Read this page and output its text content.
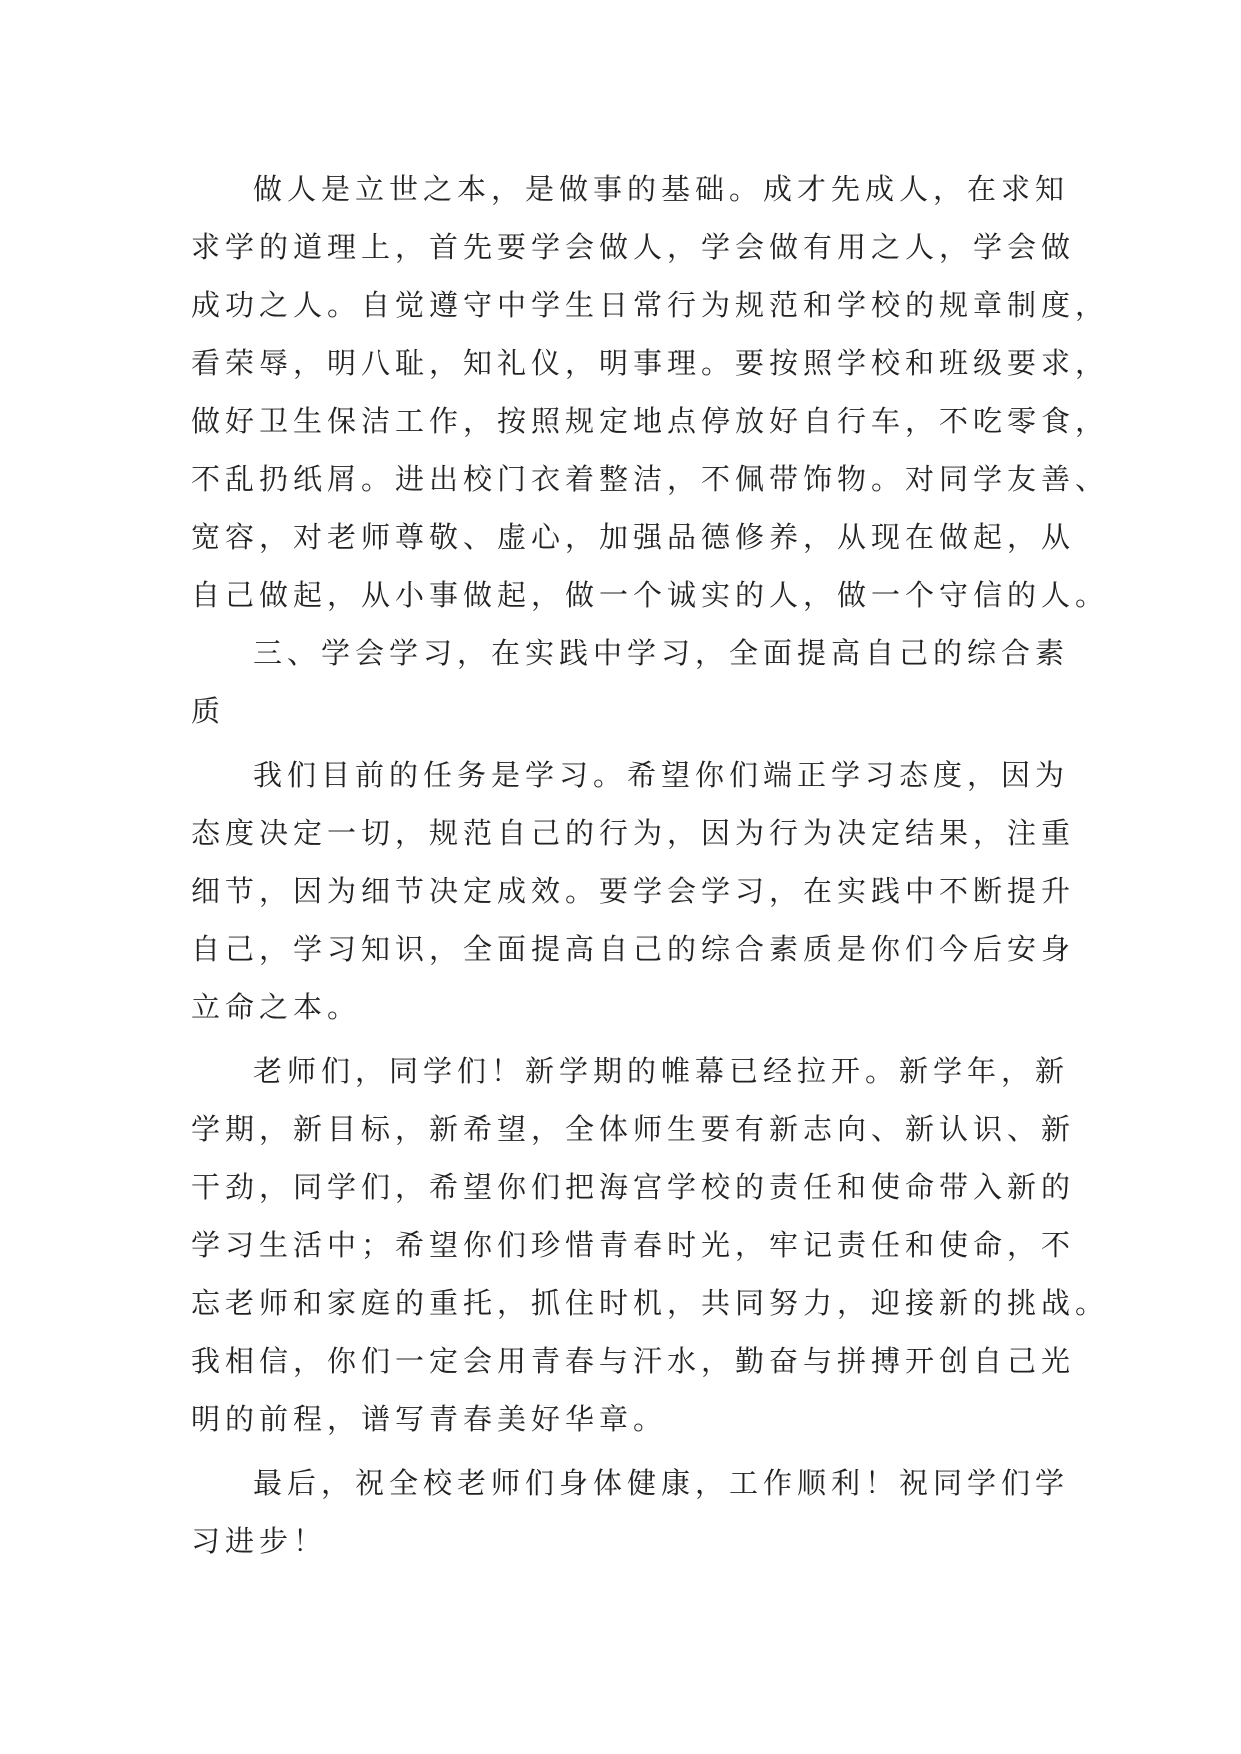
做人是立世之本，是做事的基础。成才先成人，在求知
求学的道理上，首先要学会做人，学会做有用之人，学会做
成功之人。自觉遵守中学生日常行为规范和学校的规章制度，
看荣辱，明八耻，知礼仪，明事理。要按照学校和班级要求，
做好卫生保洁工作，按照规定地点停放好自行车，不吃零食，
不乱扔纸屑。进出校门衣着整洁，不佩带饰物。对同学友善、
宽容，对老师尊敬、虚心，加强品德修养，从现在做起，从
自己做起，从小事做起，做一个诚实的人，做一个守信的人。
三、学会学习，在实践中学习，全面提高自己的综合素
质
我们目前的任务是学习。希望你们端正学习态度，因为
态度决定一切，规范自己的行为，因为行为决定结果，注重
细节，因为细节决定成效。要学会学习，在实践中不断提升
自己，学习知识，全面提高自己的综合素质是你们今后安身
立命之本。
老师们，同学们！新学期的帷幕已经拉开。新学年，新
学期，新目标，新希望，全体师生要有新志向、新认识、新
干劲，同学们，希望你们把海宫学校的责任和使命带入新的
学习生活中；希望你们珍惜青春时光，牢记责任和使命，不
忘老师和家庭的重托，抓住时机，共同努力，迎接新的挑战。
我相信，你们一定会用青春与汗水，勤奋与拼搏开创自己光
明的前程，谱写青春美好华章。
最后，祝全校老师们身体健康，工作顺利！祝同学们学
习进步！
